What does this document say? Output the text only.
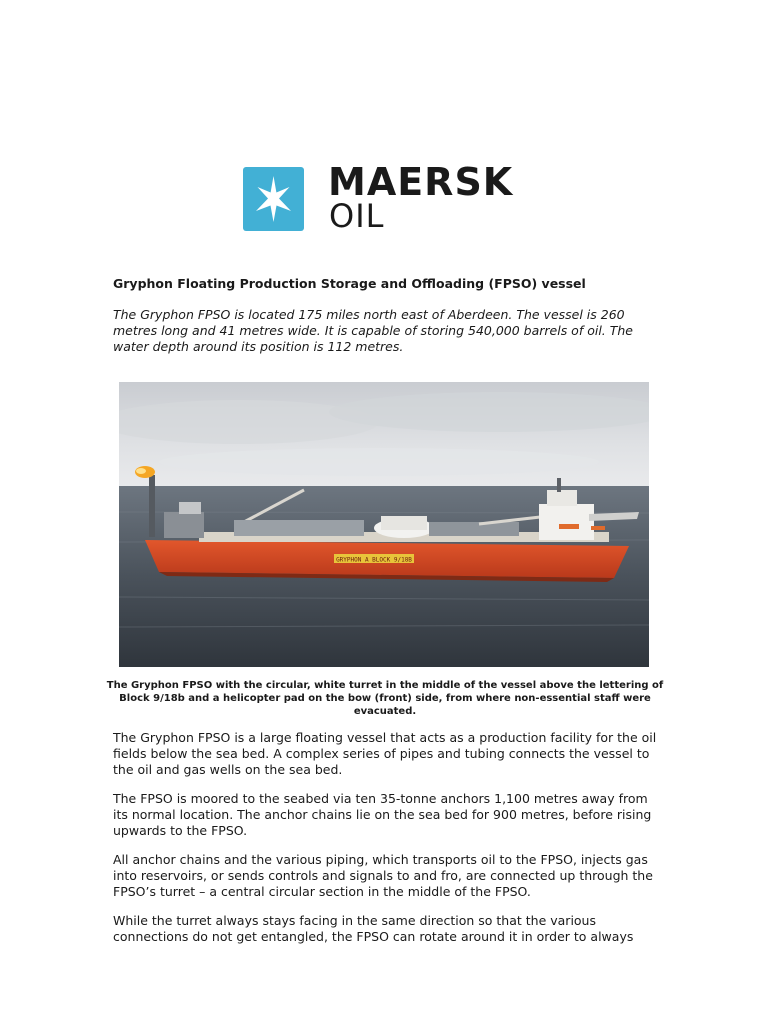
MAERSK
OIL
Gryphon Floating Production Storage and Offloading (FPSO) vessel

The Gryphon FPSO is located 175 miles north east of Aberdeen. The vessel is 260 metres long and 41 metres wide. It is capable of storing 540,000 barrels of oil. The water depth around its position is 112 metres.

GRYPHON A BLOCK 9/18B

The Gryphon FPSO with the circular, white turret in the middle of the vessel above the lettering of Block 9/18b and a helicopter pad on the bow (front) side, from where non-essential staff were evacuated.

The Gryphon FPSO is a large floating vessel that acts as a production facility for the oil fields below the sea bed. A complex series of pipes and tubing connects the vessel to the oil and gas wells on the sea bed.

The FPSO is moored to the seabed via ten 35-tonne anchors 1,100 metres away from its normal location. The anchor chains lie on the sea bed for 900 metres, before rising upwards to the FPSO.

All anchor chains and the various piping, which transports oil to the FPSO, injects gas into reservoirs, or sends controls and signals to and fro, are connected up through the FPSO’s turret – a central circular section in the middle of the FPSO.

While the turret always stays facing in the same direction so that the various connections do not get entangled, the FPSO can rotate around it in order to always
